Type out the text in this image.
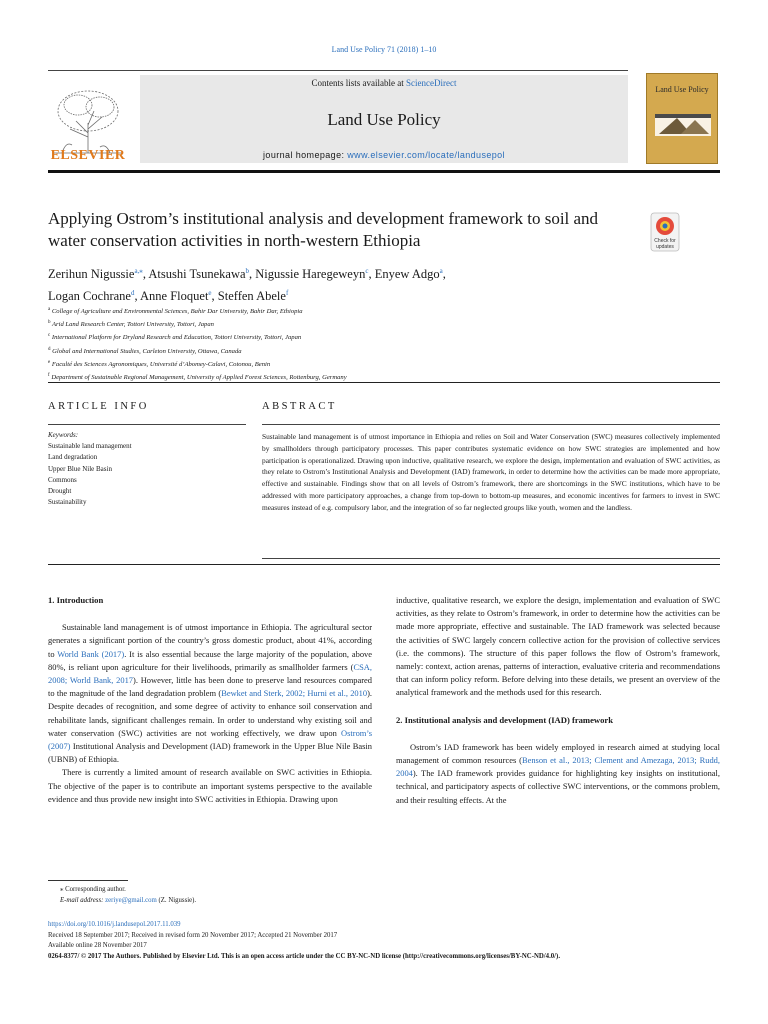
Land Use Policy 71 (2018) 1–10
ELSEVIER
Contents lists available at ScienceDirect
Land Use Policy
journal homepage: www.elsevier.com/locate/landusepol
Land Use Policy
Applying Ostrom’s institutional analysis and development framework to soil and water conservation activities in north-western Ethiopia	Check for updates
Zerihun Nigussie$^{a,⁎}$, Atsushi Tsunekawa$^b$, Nigussie Haregeweyn$^c$, Enyew Adgo$^a$,
Logan Cochrane$^d$, Anne Floquet$^e$, Steffen Abele$^f$
$^a$ College of Agriculture and Environmental Sciences, Bahir Dar University, Bahir Dar, Ethiopia
$^b$ Arid Land Research Center, Tottori University, Tottori, Japan
$^c$ International Platform for Dryland Research and Education, Tottori University, Tottori, Japan
$^d$ Global and International Studies, Carleton University, Ottawa, Canada
$^e$ Faculté des Sciences Agronomiques, Université d’Abomey-Calavi, Cotonou, Benin
$^f$ Department of Sustainable Regional Management, University of Applied Forest Sciences, Rottenburg, Germany
ARTICLE INFO	ABSTRACT
Keywords:
Sustainable land management
Land degradation
Upper Blue Nile Basin
Commons
Drought
Sustainability
Sustainable land management is of utmost importance in Ethiopia and relies on Soil and Water Conservation (SWC) measures collectively implemented by smallholders through participatory processes. This paper contributes systematic evidence on how SWC strategies are implemented and how participation is operationalized. Drawing upon inductive, qualitative research, we explore the design, implementation and evaluation of SWC activities, as they relate to Ostrom’s Institutional Analysis and Development (IAD) framework, in order to determine how the activities can be made more appropriate, effective and sustainable. Findings show that on all levels of Ostrom’s framework, there are shortcomings in the SWC institutions, which have to be addressed with more participatory approaches, a change from top-down to bottom-up measures, and economic incentives for farmers to invest in SWC measures instead of e.g. compulsory labor, and the integration of so far neglected groups like youth, women and the landless.
1. Introduction
Sustainable land management is of utmost importance in Ethiopia. The agricultural sector generates a significant portion of the country’s gross domestic product, about 41%, according to World Bank (2017). It is also essential because the large majority of the population, above 80%, is reliant upon agriculture for their livelihoods, primarily as smallholder farmers (CSA, 2008; World Bank, 2017). However, little has been done to preserve land resources compared to the magnitude of the land degradation problem (Bewket and Sterk, 2002; Hurni et al., 2010). Despite decades of recognition, and some degree of activity to enhance soil conservation and rehabilitate lands, significant challenges remain. In order to understand why existing soil and water conservation (SWC) activities are not working effectively, we draw upon Ostrom’s (2007) Institutional Analysis and Development (IAD) framework in the Upper Blue Nile Basin (UBNB) of Ethiopia.
There is currently a limited amount of research available on SWC activities in Ethiopia. The objective of the paper is to contribute an important systems perspective to the available evidence and thus provide new insight into SWC activities in Ethiopia. Drawing upon
inductive, qualitative research, we explore the design, implementation and evaluation of SWC activities, as they relate to Ostrom’s framework, in order to determine how the activities can be made more appropriate, effective and sustainable. The IAD framework was selected because the activities of SWC largely concern collective action for the provision of collective services (i.e. the commons). The structure of this paper follows the flow of Ostrom’s framework, namely: context, action arenas, patterns of interaction, evaluative criteria and recommendations that can inform policy reform. Before delving into these details, we present an overview of the analytical framework and the methods used for this research.
2. Institutional analysis and development (IAD) framework
Ostrom’s IAD framework has been widely employed in research aimed at studying local management of common resources (Benson et al., 2013; Clement and Amezaga, 2013; Rudd, 2004). The IAD framework provides guidance for highlighting key insights on institutional, technical, and participatory aspects of collective SWC interventions, or the commons problem, and their resulting effects. At the
⁎ Corresponding author.
E-mail address: zeriye@gmail.com (Z. Nigussie).
https://doi.org/10.1016/j.landusepol.2017.11.039
Received 18 September 2017; Received in revised form 20 November 2017; Accepted 21 November 2017
Available online 28 November 2017
0264-8377/ © 2017 The Authors. Published by Elsevier Ltd. This is an open access article under the CC BY-NC-ND license (http://creativecommons.org/licenses/BY-NC-ND/4.0/).
